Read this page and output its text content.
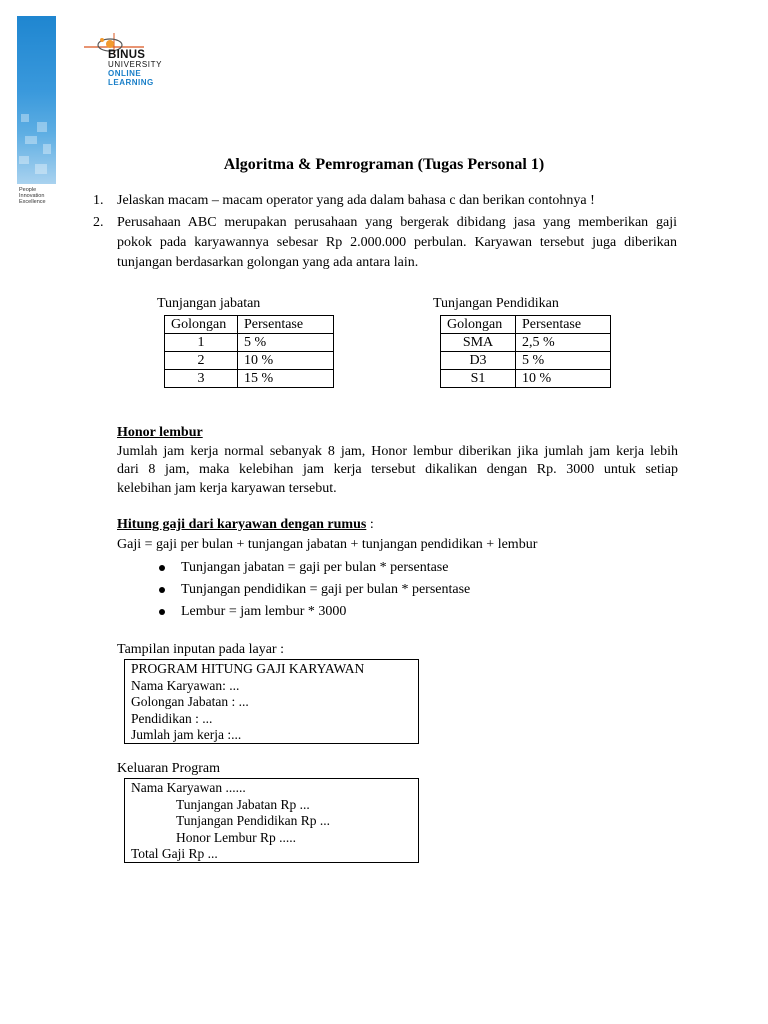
People
Innovation
Excellence
BINUS
UNIVERSITY
ONLINE
LEARNING
Algoritma & Pemrograman (Tugas Personal 1)
1. Jelaskan macam – macam operator yang ada dalam bahasa c dan berikan contohnya !
2. Perusahaan ABC merupakan perusahaan yang bergerak dibidang jasa yang memberikan gaji
pokok pada karyawannya sebesar Rp 2.000.000 perbulan. Karyawan tersebut juga diberikan
tunjangan berdasarkan golongan yang ada antara lain.
Tunjangan jabatan
Golongan	Persentase
1	5 %
2	10 %
3	15 %
Tunjangan Pendidikan
Golongan	Persentase
SMA	2,5 %
D3	5 %
S1	10 %
Honor lembur
Jumlah jam kerja normal sebanyak 8 jam, Honor lembur diberikan jika jumlah jam kerja lebih
dari 8 jam, maka kelebihan jam kerja tersebut dikalikan dengan Rp. 3000 untuk setiap
kelebihan jam kerja karyawan tersebut.
Hitung gaji dari karyawan dengan rumus :
Gaji = gaji per bulan + tunjangan jabatan + tunjangan pendidikan + lembur
Tunjangan jabatan = gaji per bulan * persentase
Tunjangan pendidikan = gaji per bulan * persentase
Lembur = jam lembur * 3000
Tampilan inputan pada layar :
PROGRAM HITUNG GAJI KARYAWAN
Nama Karyawan: ...
Golongan Jabatan : ...
Pendidikan : ...
Jumlah jam kerja :...
Keluaran Program
Nama Karyawan ......
Tunjangan Jabatan Rp ...
Tunjangan Pendidikan Rp ...
Honor Lembur Rp .....
Total Gaji Rp ...
